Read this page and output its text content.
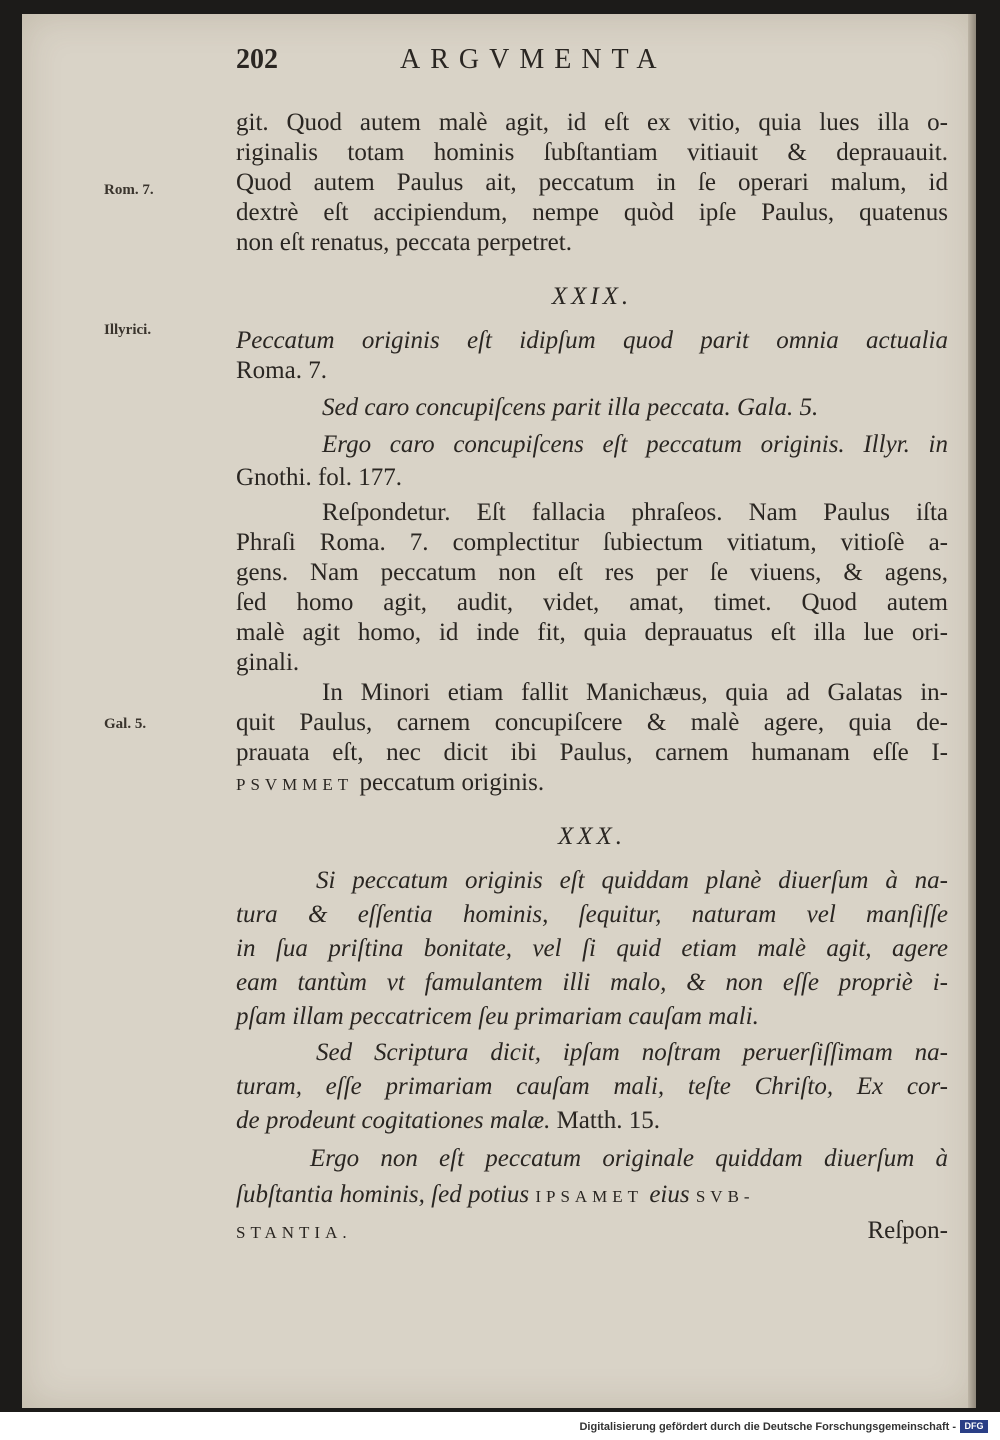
202	ARGVMENTA
Rom. 7.
Illyrici.
Gal. 5.
git. Quod autem malè agit, id eſt ex vitio, quia lues illa o-
riginalis totam hominis ſubſtantiam vitiauit & deprauauit.
Quod autem Paulus ait, peccatum in ſe operari malum, id
dextrè eſt accipiendum, nempe quòd ipſe Paulus, quatenus
non eſt renatus, peccata perpetret.
XXIX.
Peccatum originis eſt idipſum quod parit omnia actualia
Roma. 7.
Sed caro concupiſcens parit illa peccata. Gala. 5.
Ergo caro concupiſcens eſt peccatum originis. Illyr. in
Gnothi. fol. 177.
Reſpondetur. Eſt fallacia phraſeos. Nam Paulus iſta
Phraſi Roma. 7. complectitur ſubiectum vitiatum, vitioſè a-
gens. Nam peccatum non eſt res per ſe viuens, & agens,
ſed homo agit, audit, videt, amat, timet. Quod autem
malè agit homo, id inde fit, quia deprauatus eſt illa lue ori-
ginali.
In Minori etiam fallit Manichæus, quia ad Galatas in-
quit Paulus, carnem concupiſcere & malè agere, quia de-
prauata eſt, nec dicit ibi Paulus, carnem humanam eſſe I-
PSVMMET peccatum originis.
XXX.
Si peccatum originis eſt quiddam planè diuerſum à na-
tura & eſſentia hominis, ſequitur, naturam vel manſiſſe
in ſua priſtina bonitate, vel ſi quid etiam malè agit, agere
eam tantùm vt famulantem illi malo, & non eſſe propriè i-
pſam illam peccatricem ſeu primariam cauſam mali.
Sed Scriptura dicit, ipſam noſtram peruerſiſſimam na-
turam, eſſe primariam cauſam mali, teſte Chriſto, Ex cor-
de prodeunt cogitationes malæ. Matth. 15.
Ergo non eſt peccatum originale quiddam diuerſum à
ſubſtantia hominis, ſed potius IPSAMET eius SVB-
STANTIA.	Reſpon-
Digitalisierung gefördert durch die Deutsche Forschungsgemeinschaft - DFG
